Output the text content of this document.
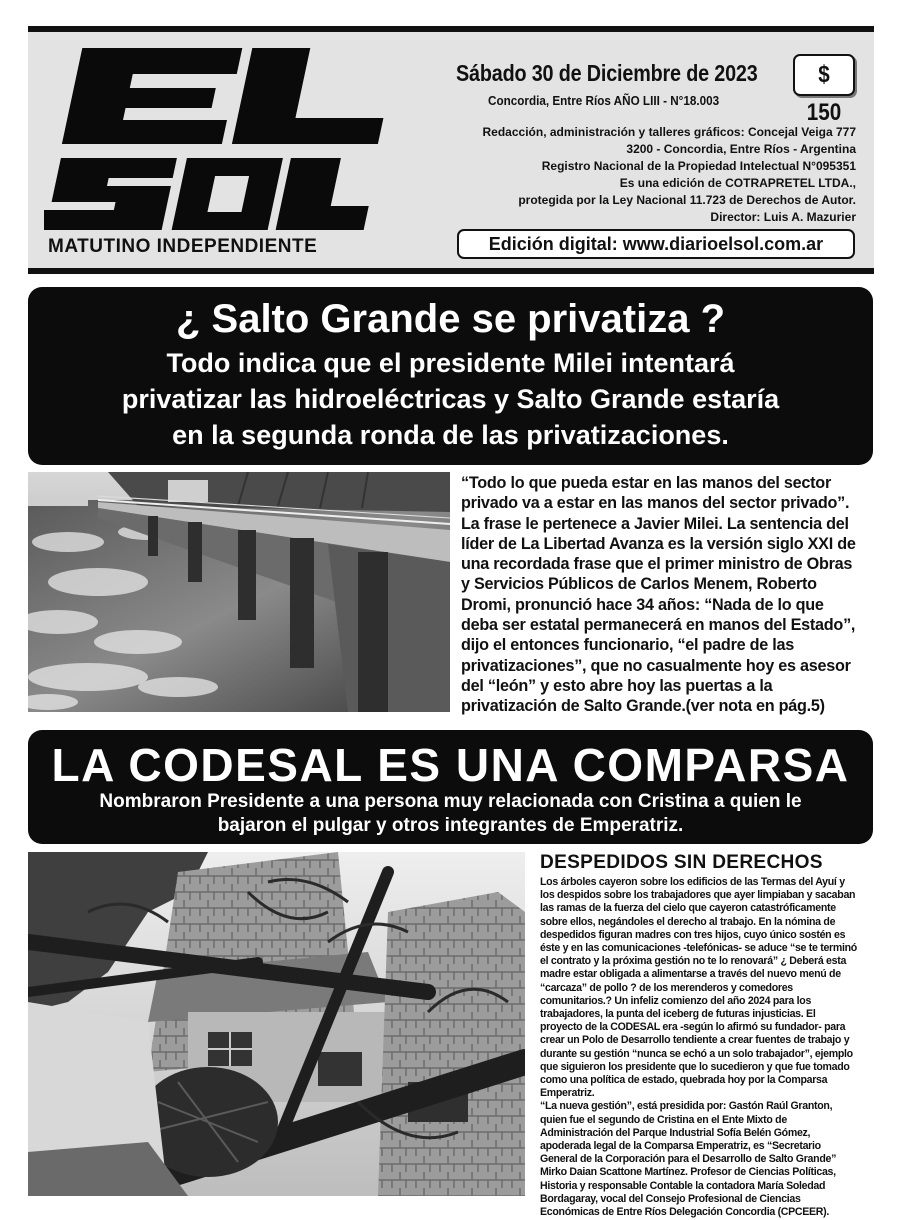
MATUTINO INDEPENDIENTE
Sábado 30 de Diciembre de 2023
Concordia, Entre Ríos AÑO LIII - N°18.003
$ 150
Redacción, administración y talleres gráficos: Concejal Veiga 777
3200 - Concordia, Entre Ríos - Argentina
Registro Nacional de la Propiedad Intelectual N°095351
Es una edición de COTRAPRETEL LTDA.,
protegida por la Ley Nacional 11.723 de Derechos de Autor.
Director: Luis A. Mazurier
Edición digital: www.diarioelsol.com.ar
¿ Salto Grande se privatiza ?
Todo indica que el presidente Milei intentará
privatizar las hidroeléctricas y Salto Grande estaría
en la segunda ronda de las privatizaciones.
“Todo lo que pueda estar en las manos del sector
privado va a estar en las manos del sector privado”.
La frase le pertenece a Javier Milei. La sentencia del
líder de La Libertad Avanza es la versión siglo XXI de
una recordada frase que el primer ministro de Obras
y Servicios Públicos de Carlos Menem, Roberto
Dromi, pronunció hace 34 años: “Nada de lo que
deba ser estatal permanecerá en manos del Estado”,
dijo el entonces funcionario, “el padre de las
privatizaciones”, que no casualmente hoy es asesor
del “león” y esto abre hoy las puertas a la
privatización de Salto Grande.(ver nota en pág.5)
LA CODESAL ES UNA COMPARSA
Nombraron Presidente a una persona muy relacionada con Cristina a quien le
bajaron el pulgar y otros integrantes de Emperatriz.
DESPEDIDOS SIN DERECHOS
Los árboles cayeron sobre los edificios de las Termas del Ayuí y
los despidos sobre los trabajadores que ayer limpiaban y sacaban
las ramas de la fuerza del cielo que cayeron catastróficamente
sobre ellos, negándoles el derecho al trabajo. En la nómina de
despedidos figuran madres con tres hijos, cuyo único sostén es
éste y en las comunicaciones -telefónicas- se aduce “se te terminó
el contrato y la próxima gestión no te lo renovará” ¿ Deberá esta
madre estar obligada a alimentarse a través del nuevo menú de
“carcaza” de pollo ? de los merenderos y comedores
comunitarios.? Un infeliz comienzo del año 2024 para los
trabajadores, la punta del iceberg de futuras injusticias. El
proyecto de la CODESAL era -según lo afirmó su fundador- para
crear un Polo de Desarrollo tendiente a crear fuentes de trabajo y
durante su gestión “nunca se echó a un solo trabajador”, ejemplo
que siguieron los presidente que lo sucedieron y que fue tomado
como una política de estado, quebrada hoy por la Comparsa
Emperatriz.
“La nueva gestión”, está presidida por: Gastón Raúl Granton,
quien fue el segundo de Cristina en el Ente Mixto de
Administración del Parque Industrial Sofía Belén Gómez,
apoderada legal de la Comparsa Emperatriz, es “Secretario
General de la Corporación para el Desarrollo de Salto Grande”
Mirko Daian Scattone Martínez. Profesor de Ciencias Políticas,
Historia y responsable Contable la contadora María Soledad
Bordagaray, vocal del Consejo Profesional de Ciencias
Económicas de Entre Ríos Delegación Concordia (CPCEER).
